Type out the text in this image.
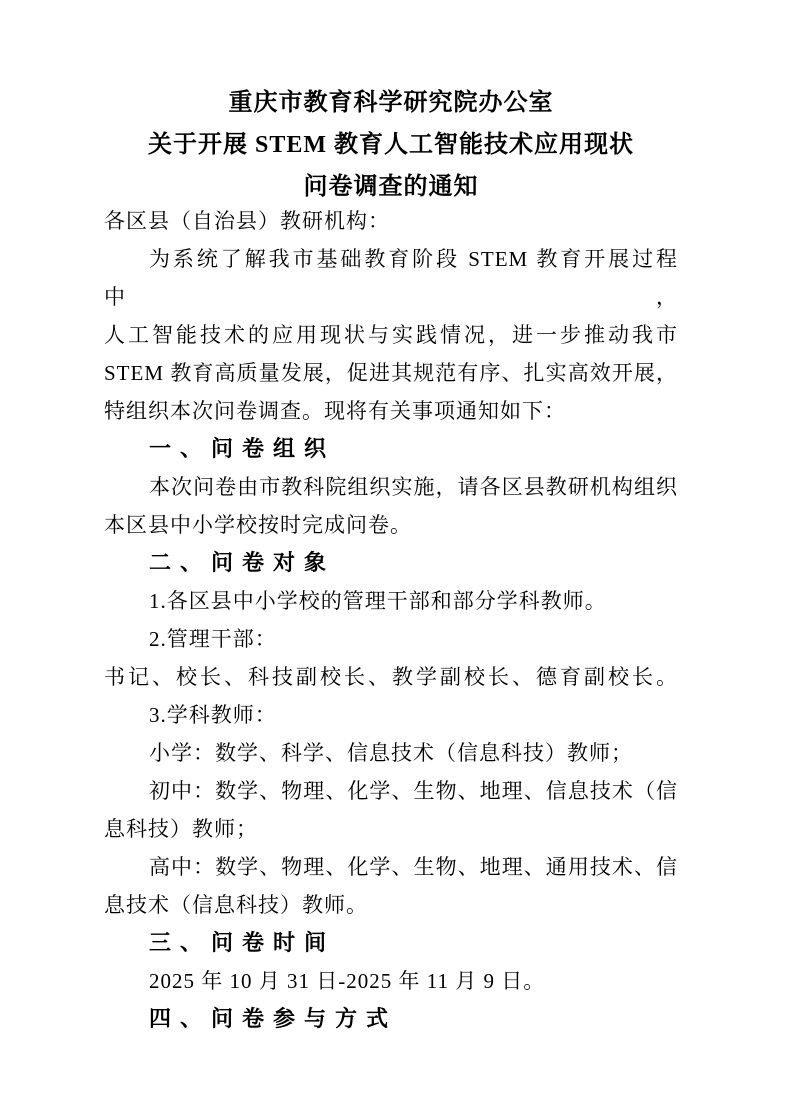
重庆市教育科学研究院办公室
关于开展 STEM 教育人工智能技术应用现状
问卷调查的通知
各区县（自治县）教研机构：
为系统了解我市基础教育阶段 STEM 教育开展过程中，
人工智能技术的应用现状与实践情况，进一步推动我市
STEM 教育高质量发展，促进其规范有序、扎实高效开展，
特组织本次问卷调查。现将有关事项通知如下：
一、问卷组织
本次问卷由市教科院组织实施，请各区县教研机构组织
本区县中小学校按时完成问卷。
二、问卷对象
1.各区县中小学校的管理干部和部分学科教师。
2.管理干部：
书记、校长、科技副校长、教学副校长、德育副校长。
3.学科教师：
小学：数学、科学、信息技术（信息科技）教师；
初中：数学、物理、化学、生物、地理、信息技术（信
息科技）教师；
高中：数学、物理、化学、生物、地理、通用技术、信
息技术（信息科技）教师。
三、问卷时间
2025 年 10 月 31 日-2025 年 11 月 9 日。
四、问卷参与方式
